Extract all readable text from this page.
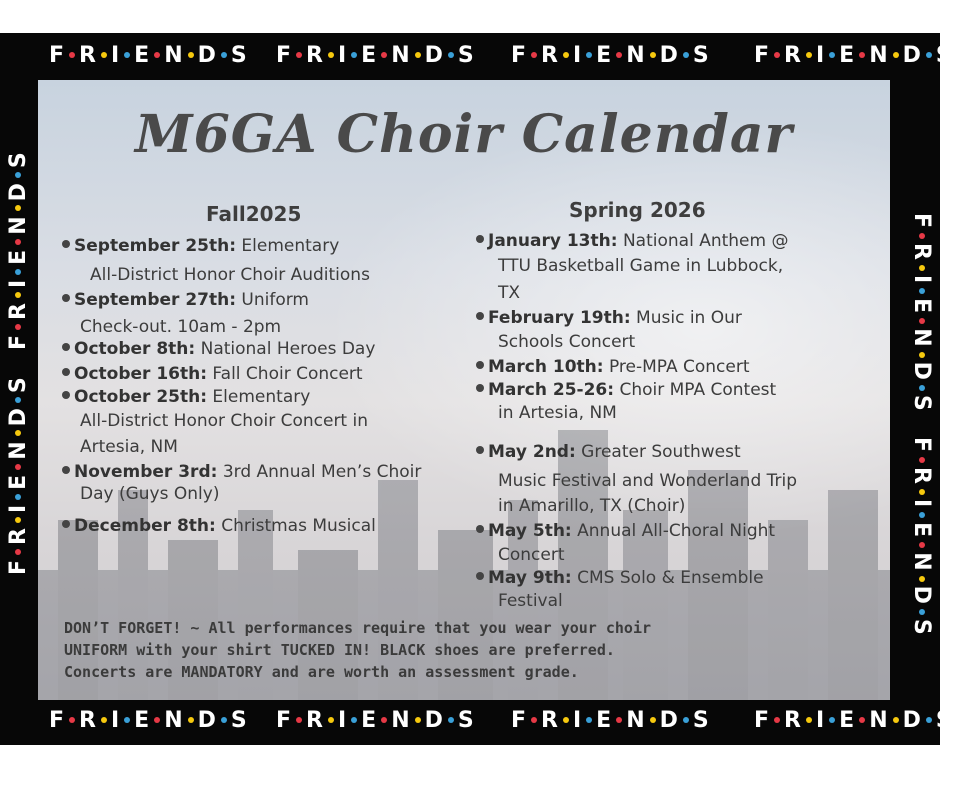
F R I E N D S F R I E N D S F R I E N D S F R I E N D S
F R I E N D S F R I E N D S F R I E N D S F R I E N D S
FRIENDS
FRIENDS
FRIENDS
FRIENDS
M6GA Choir Calendar
Fall2025	Spring 2026
September 25th: Elementary
All-District Honor Choir Auditions
September 27th: Uniform
Check-out. 10am - 2pm
October 8th: National Heroes Day
October 16th: Fall Choir Concert
October 25th: Elementary
All-District Honor Choir Concert in
Artesia, NM
November 3rd: 3rd Annual Men’s Choir
Day (Guys Only)
December 8th: Christmas Musical
January 13th: National Anthem @
TTU Basketball Game in Lubbock,
TX
February 19th: Music in Our
Schools Concert
March 10th: Pre-MPA Concert
March 25-26: Choir MPA Contest
in Artesia, NM
May 2nd: Greater Southwest
Music Festival and Wonderland Trip
in Amarillo, TX (Choir)
May 5th: Annual All-Choral Night
Concert
May 9th: CMS Solo & Ensemble
Festival
DON’T FORGET! ~ All performances require that you wear your choir
UNIFORM with your shirt TUCKED IN! BLACK shoes are preferred.
Concerts are MANDATORY and are worth an assessment grade.
